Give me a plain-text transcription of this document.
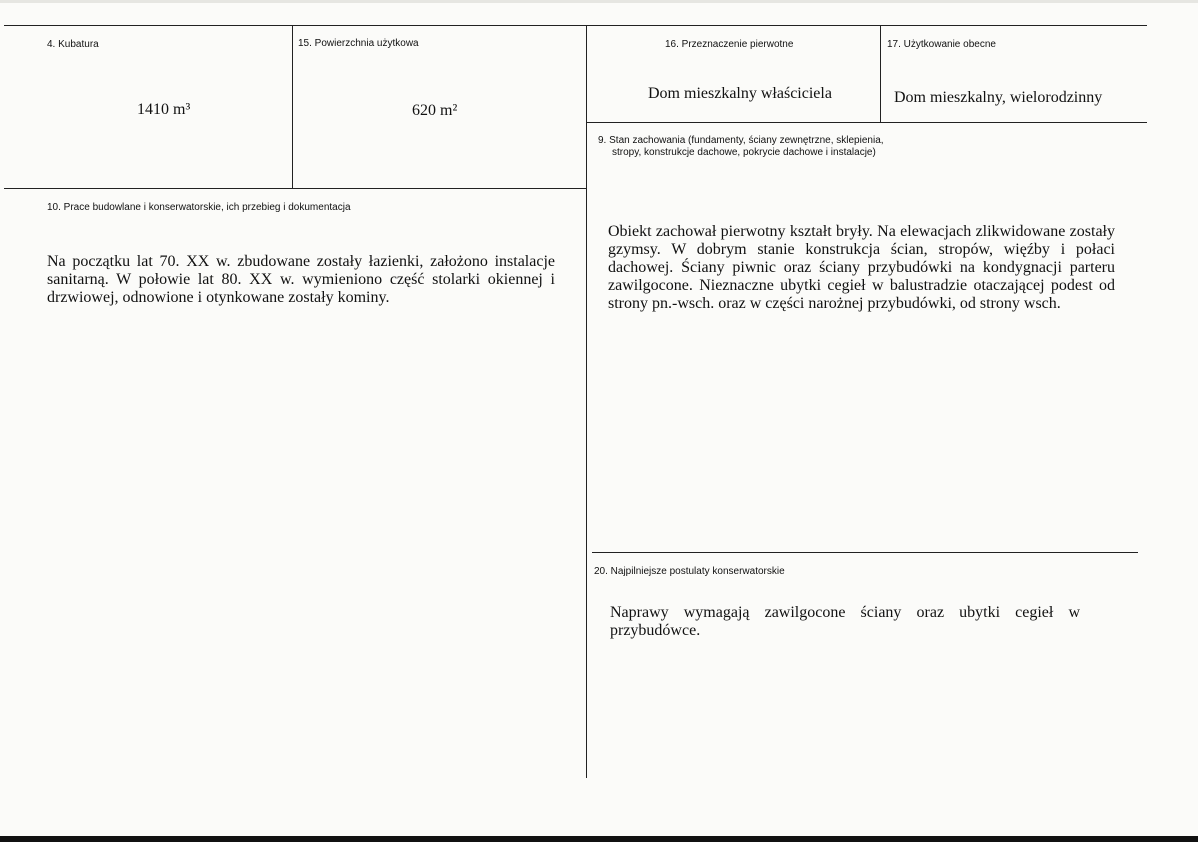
4. Kubatura
1410 m³
15. Powierzchnia użytkowa
620 m²
16. Przeznaczenie pierwotne
Dom mieszkalny właściciela
17. Użytkowanie obecne
Dom mieszkalny, wielorodzinny
9. Stan zachowania (fundamenty, ściany zewnętrzne, sklepienia,
stropy, konstrukcje dachowe, pokrycie dachowe i instalacje)
Obiekt zachował pierwotny kształt bryły. Na elewacjach zlikwidowane zostały gzymsy. W dobrym stanie konstrukcja ścian, stropów, więźby i połaci dachowej. Ściany piwnic oraz ściany przybudówki na kondygnacji parteru zawilgocone. Nieznaczne ubytki cegieł w balustradzie otaczającej podest od strony pn.-wsch. oraz w części narożnej przybudówki, od strony wsch.
10. Prace budowlane i konserwatorskie, ich przebieg i dokumentacja
Na początku lat 70. XX w. zbudowane zostały łazienki, założono instalacje sanitarną. W połowie lat 80. XX w. wymieniono część stolarki okiennej i drzwiowej, odnowione i otynkowane zostały kominy.
20. Najpilniejsze postulaty konserwatorskie
Naprawy wymagają zawilgocone ściany oraz ubytki cegieł w przybudówce.
